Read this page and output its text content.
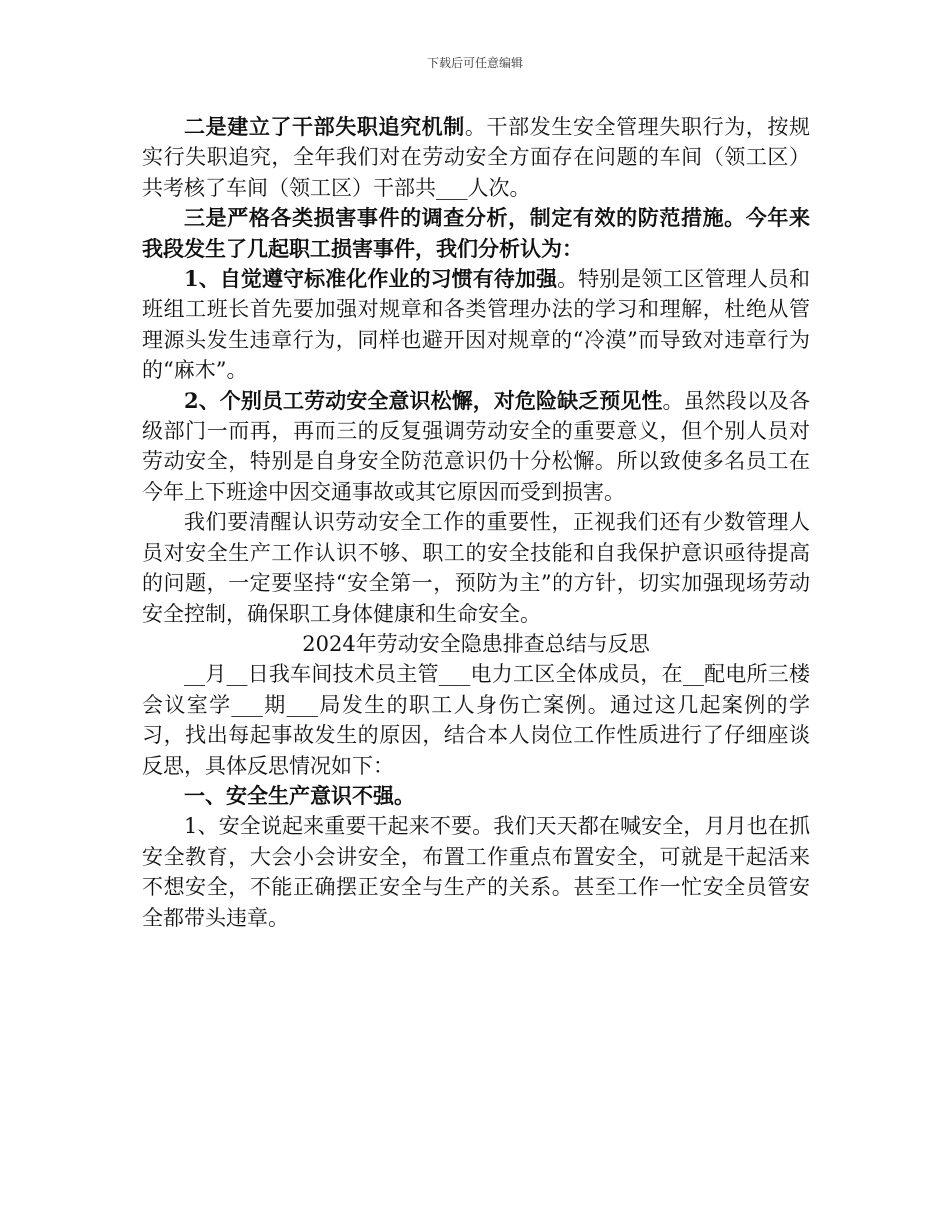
下载后可任意编辑

二是建立了干部失职追究机制。干部发生安全管理失职行为，按规实行失职追究，全年我们对在劳动安全方面存在问题的车间（领工区）共考核了车间（领工区）干部共___人次。

三是严格各类损害事件的调查分析，制定有效的防范措施。今年来我段发生了几起职工损害事件，我们分析认为：

1、自觉遵守标准化作业的习惯有待加强。特别是领工区管理人员和班组工班长首先要加强对规章和各类管理办法的学习和理解，杜绝从管理源头发生违章行为，同样也避开因对规章的“冷漠”而导致对违章行为的“麻木”。

2、个别员工劳动安全意识松懈，对危险缺乏预见性。虽然段以及各级部门一而再，再而三的反复强调劳动安全的重要意义，但个别人员对劳动安全，特别是自身安全防范意识仍十分松懈。所以致使多名员工在今年上下班途中因交通事故或其它原因而受到损害。

我们要清醒认识劳动安全工作的重要性，正视我们还有少数管理人员对安全生产工作认识不够、职工的安全技能和自我保护意识亟待提高的问题，一定要坚持“安全第一，预防为主”的方针，切实加强现场劳动安全控制，确保职工身体健康和生命安全。

2024年劳动安全隐患排查总结与反思

__月__日我车间技术员主管___电力工区全体成员，在__配电所三楼会议室学___期___局发生的职工人身伤亡案例。通过这几起案例的学习，找出每起事故发生的原因，结合本人岗位工作性质进行了仔细座谈反思，具体反思情况如下：

一、安全生产意识不强。

1、安全说起来重要干起来不要。我们天天都在喊安全，月月也在抓安全教育，大会小会讲安全，布置工作重点布置安全，可就是干起活来不想安全，不能正确摆正安全与生产的关系。甚至工作一忙安全员管安全都带头违章。
